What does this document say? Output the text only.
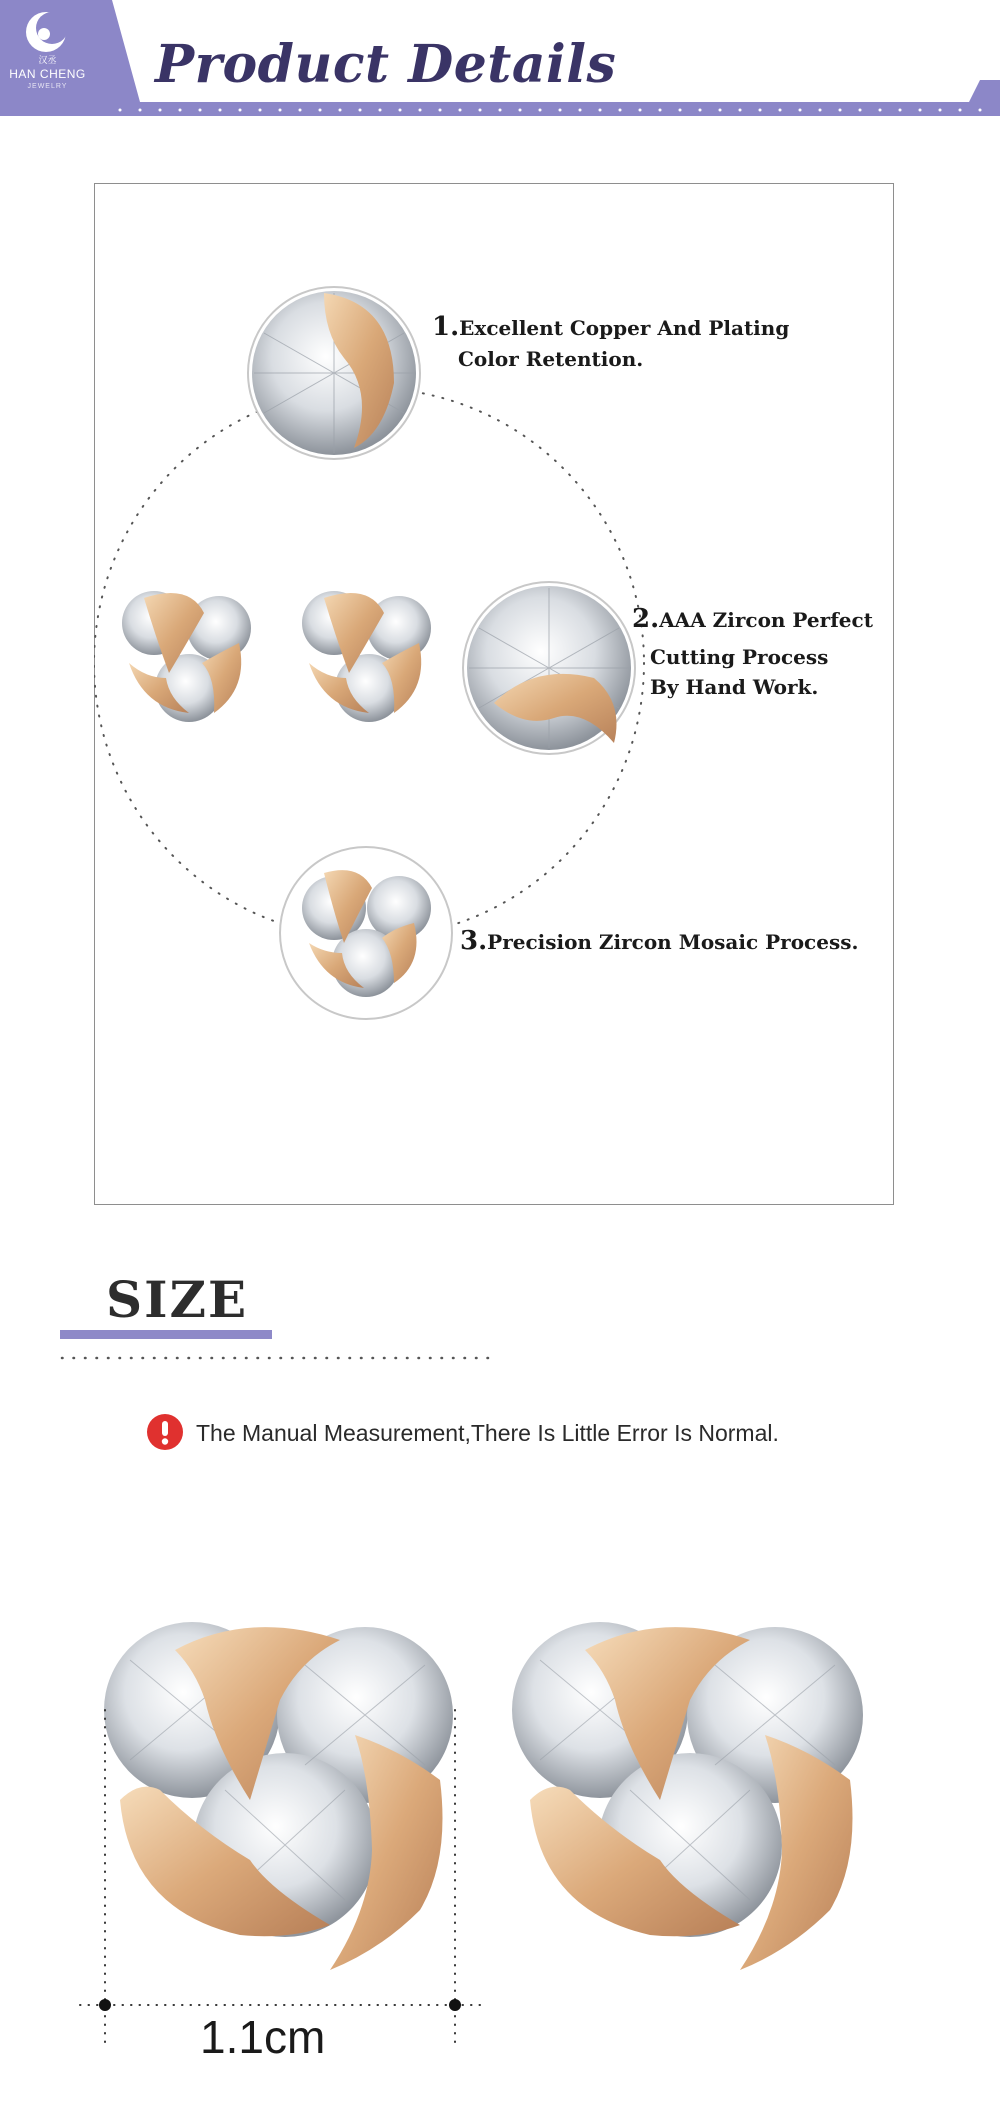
汉丞
HAN CHENG
JEWELRY	Product Details
1.Excellent Copper And Plating
Color Retention.
2.AAA Zircon Perfect
Cutting Process
By Hand Work.
3.Precision Zircon Mosaic Process.
SIZE
The Manual Measurement,There Is Little Error Is Normal.
1.1cm
